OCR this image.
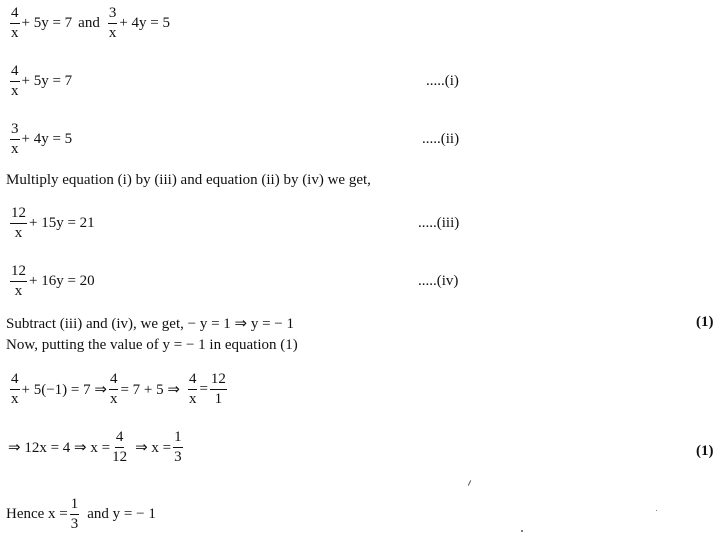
$\frac{4}{x} + 5y = 7$ and $\frac{3}{x} + 4y = 5$
$\frac{4}{x} + 5y = 7$	.....(i)
$\frac{3}{x} + 4y = 5$	.....(ii)
Multiply equation (i) by (iii) and equation (ii) by (iv) we get,
$\frac{12}{x} + 15y = 21$	.....(iii)
$\frac{12}{x} + 16y = 20$	.....(iv)
Subtract (iii) and (iv), we get, − y = 1 ⇒ y = − 1	(1)
Now, putting the value of y = − 1 in equation (1)
$\frac{4}{x} + 5(-1) = 7$ ⇒ $\frac{4}{x} = 7 + 5$ ⇒ $\frac{4}{x} = \frac{12}{1}$
⇒ 12x = 4 ⇒ $x = \frac{4}{12}$ ⇒ $x = \frac{1}{3}$	(1)
Hence $x = \frac{1}{3}$ and y = − 1
